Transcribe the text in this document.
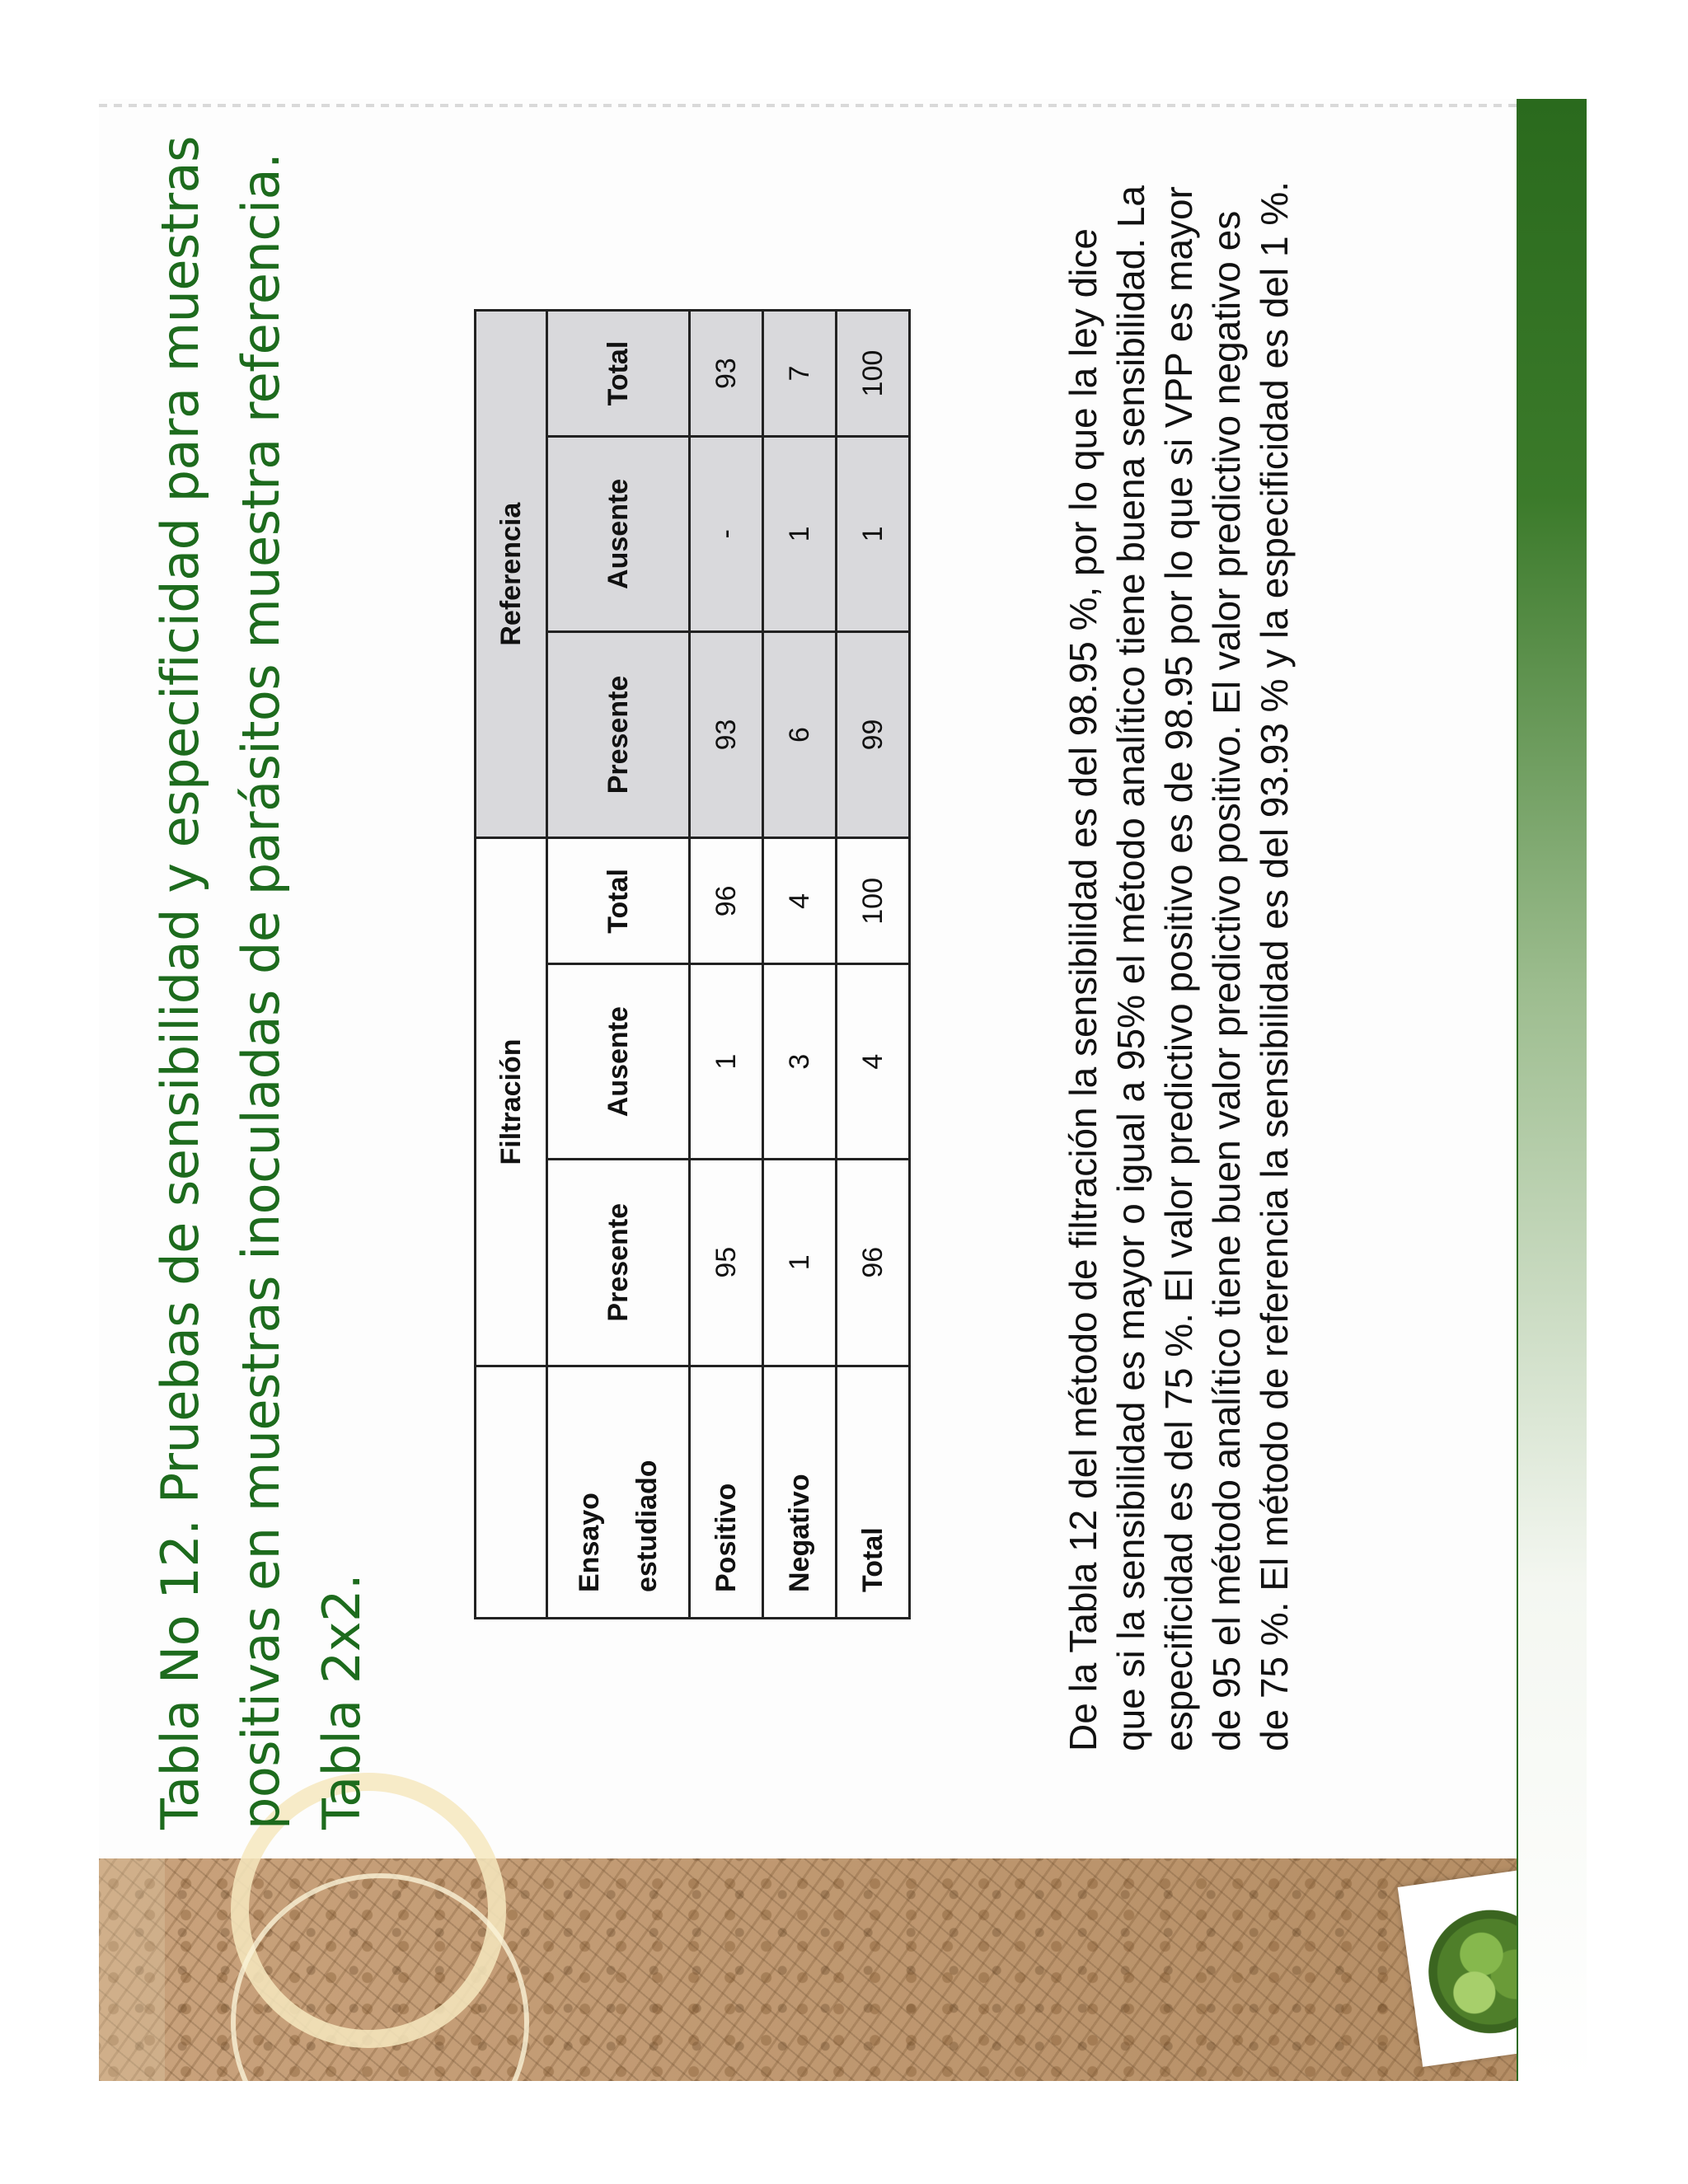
Tabla No 12. Pruebas de sensibilidad y especificidad para muestras positivas en muestras inoculadas de parásitos muestra referencia. Tabla 2x2.
	Filtración			Referencia		
Ensayo estudiado	Presente	Ausente	Total	Presente	Ausente	Total
Positivo	95	1	96	93	-	93
Negativo	1	3	4	6	1	7
Total	96	4	100	99	1	100	De la Tabla 12 del método de filtración la sensibilidad es del 98.95 %, por lo que la ley dice que si la sensibilidad es mayor o igual a 95% el método analítico tiene buena sensibilidad. La especificidad es del 75 %. El valor predictivo positivo es de 98.95 por lo que si VPP es mayor de 95 el método analítico tiene buen valor predictivo positivo. El valor predictivo negativo es de 75 %. El método de referencia la sensibilidad es del 93.93 % y la especificidad es del 1 %.
